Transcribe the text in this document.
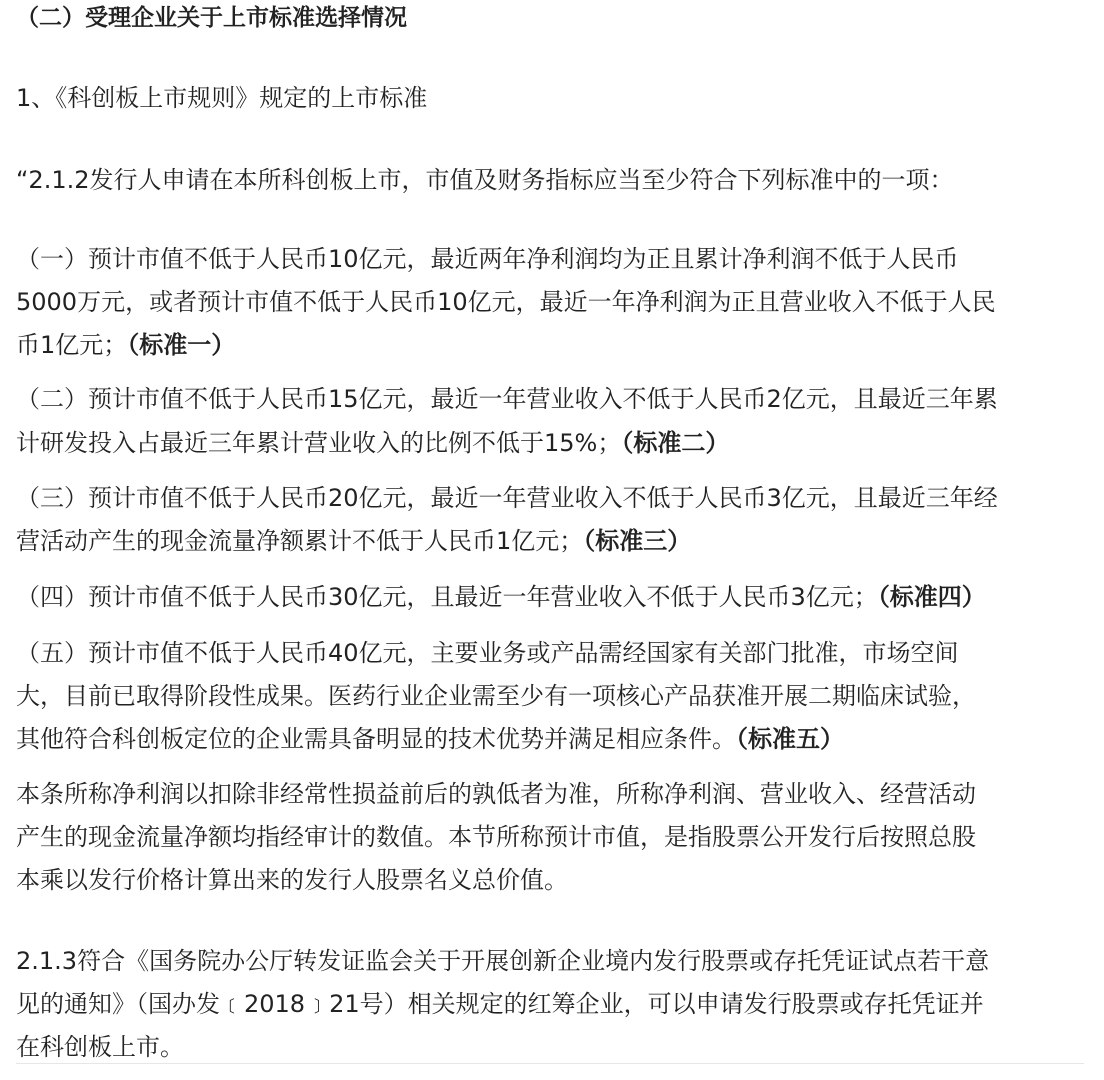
（二）受理企业关于上市标准选择情况
1、《科创板上市规则》规定的上市标准
“2.1.2发行人申请在本所科创板上市，市值及财务指标应当至少符合下列标准中的一项：
（一）预计市值不低于人民币10亿元，最近两年净利润均为正且累计净利润不低于人民币
5000万元，或者预计市值不低于人民币10亿元，最近一年净利润为正且营业收入不低于人民
币1亿元；（标准一）
（二）预计市值不低于人民币15亿元，最近一年营业收入不低于人民币2亿元，且最近三年累
计研发投入占最近三年累计营业收入的比例不低于15%；（标准二）
（三）预计市值不低于人民币20亿元，最近一年营业收入不低于人民币3亿元，且最近三年经
营活动产生的现金流量净额累计不低于人民币1亿元；（标准三）
（四）预计市值不低于人民币30亿元，且最近一年营业收入不低于人民币3亿元；（标准四）
（五）预计市值不低于人民币40亿元，主要业务或产品需经国家有关部门批准，市场空间
大，目前已取得阶段性成果。医药行业企业需至少有一项核心产品获准开展二期临床试验，
其他符合科创板定位的企业需具备明显的技术优势并满足相应条件。（标准五）
本条所称净利润以扣除非经常性损益前后的孰低者为准，所称净利润、营业收入、经营活动
产生的现金流量净额均指经审计的数值。本节所称预计市值，是指股票公开发行后按照总股
本乘以发行价格计算出来的发行人股票名义总价值。
2.1.3符合《国务院办公厅转发证监会关于开展创新企业境内发行股票或存托凭证试点若干意
见的通知》（国办发﹝2018﹞21号）相关规定的红筹企业，可以申请发行股票或存托凭证并
在科创板上市。
